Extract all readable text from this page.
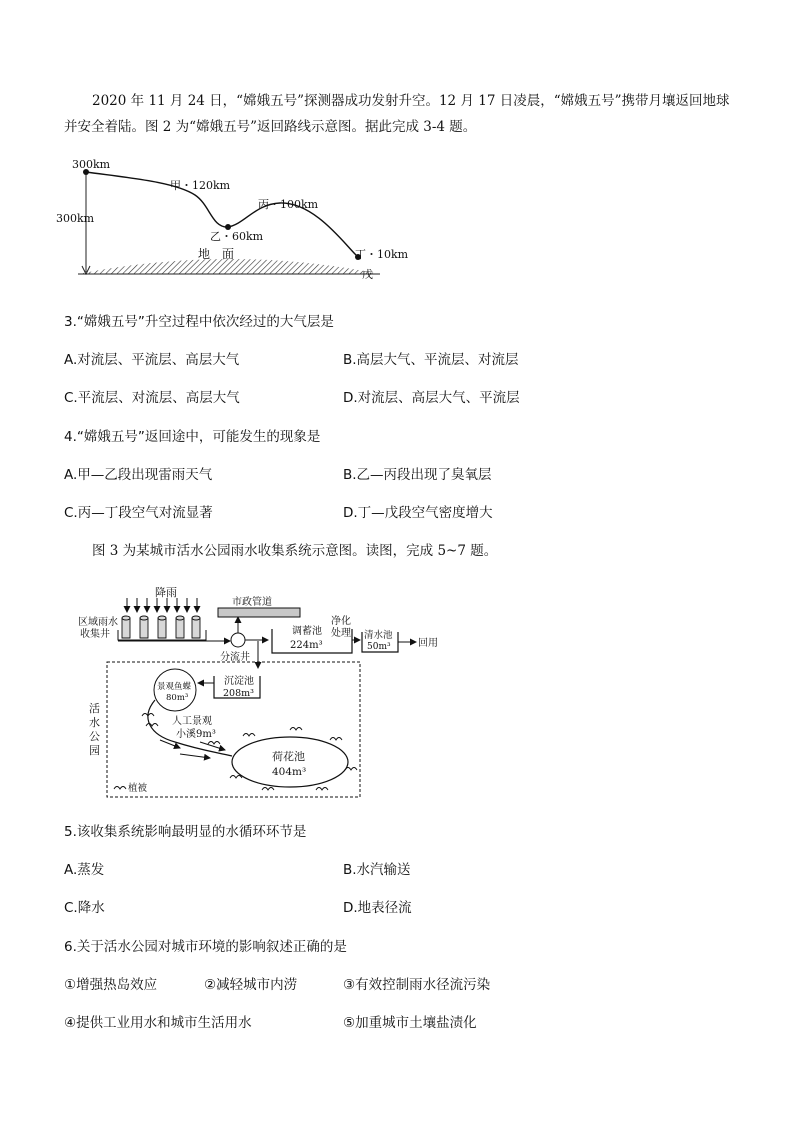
2020 年 11 月 24 日，“嫦娥五号”探测器成功发射升空。12 月 17 日凌晨，“嫦娥五号”携带月壤返回地球
并安全着陆。图 2 为“嫦娥五号”返回路线示意图。据此完成 3-4 题。
300km
300km
甲・120km
乙・60km
丙・100km
丁・10km
戊
地　面
3.“嫦娥五号”升空过程中依次经过的大气层是
A.对流层、平流层、高层大气	B.高层大气、平流层、对流层
C.平流层、对流层、高层大气	D.对流层、高层大气、平流层
4.“嫦娥五号”返回途中，可能发生的现象是
A.甲—乙段出现雷雨天气	B.乙—丙段出现了臭氧层
C.丙—丁段空气对流显著	D.丁—戊段空气密度增大
图 3 为某城市活水公园雨水收集系统示意图。读图，完成 5~7 题。
降雨
区域雨水
收集井
分流井
市政管道
调蓄池
224m³
净化
处理 清水池
50m³	回用
活
水
公
园
沉淀池
208m³
景观鱼蝶
80m³
人工景观
小溪9m³
荷花池
404m³
植被
5.该收集系统影响最明显的水循环环节是
A.蒸发	B.水汽输送
C.降水	D.地表径流
6.关于活水公园对城市环境的影响叙述正确的是
①增强热岛效应	②减轻城市内涝	③有效控制雨水径流污染
④提供工业用水和城市生活用水	⑤加重城市土壤盐渍化
